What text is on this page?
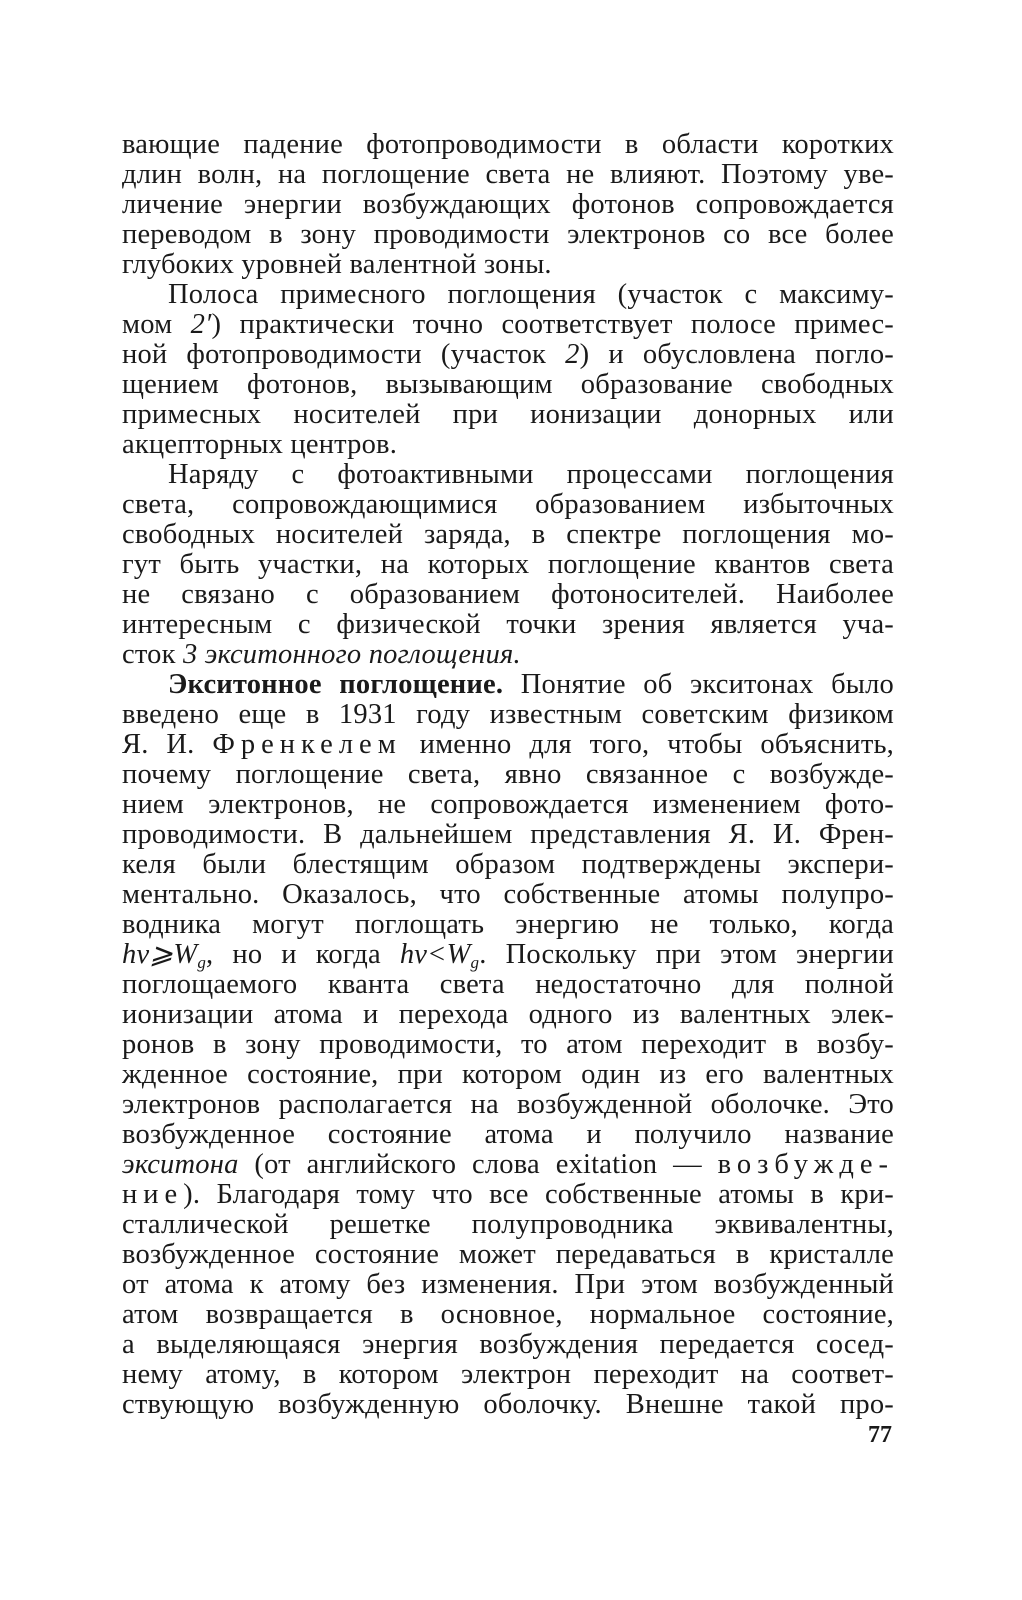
вающие падение фотопроводимости в области коротких
длин волн, на поглощение света не влияют. Поэтому уве-
личение энергии возбуждающих фотонов сопровождается
переводом в зону проводимости электронов со все более
глубоких уровней валентной зоны.
Полоса примесного поглощения (участок с максиму-
мом 2′) практически точно соответствует полосе примес-
ной фотопроводимости (участок 2) и обусловлена погло-
щением фотонов, вызывающим образование свободных
примесных носителей при ионизации донорных или
акцепторных центров.
Наряду с фотоактивными процессами поглощения
света, сопровождающимися образованием избыточных
свободных носителей заряда, в спектре поглощения мо-
гут быть участки, на которых поглощение квантов света
не связано с образованием фотоносителей. Наиболее
интересным с физической точки зрения является уча-
сток 3 экситонного поглощения.
Экситонное поглощение. Понятие об экситонах было
введено еще в 1931 году известным советским физиком
Я. И. Френкелем именно для того, чтобы объяснить,
почему поглощение света, явно связанное с возбужде-
нием электронов, не сопровождается изменением фото-
проводимости. В дальнейшем представления Я. И. Френ-
келя были блестящим образом подтверждены экспери-
ментально. Оказалось, что собственные атомы полупро-
водника могут поглощать энергию не только, когда
$h\nu⩾W_g$, но и когда $h\nu<W_g$. Поскольку при этом энергии
поглощаемого кванта света недостаточно для полной
ионизации атома и перехода одного из валентных элек-
ронов в зону проводимости, то атом переходит в возбу-
жденное состояние, при котором один из его валентных
электронов располагается на возбужденной оболочке. Это
возбужденное состояние атома и получило название
экситона (от английского слова exitation — возбужде-
ние). Благодаря тому что все собственные атомы в кри-
сталлической решетке полупроводника эквивалентны,
возбужденное состояние может передаваться в кристалле
от атома к атому без изменения. При этом возбужденный
атом возвращается в основное, нормальное состояние,
а выделяющаяся энергия возбуждения передается сосед-
нему атому, в котором электрон переходит на соответ-
ствующую возбужденную оболочку. Внешне такой про-
77
